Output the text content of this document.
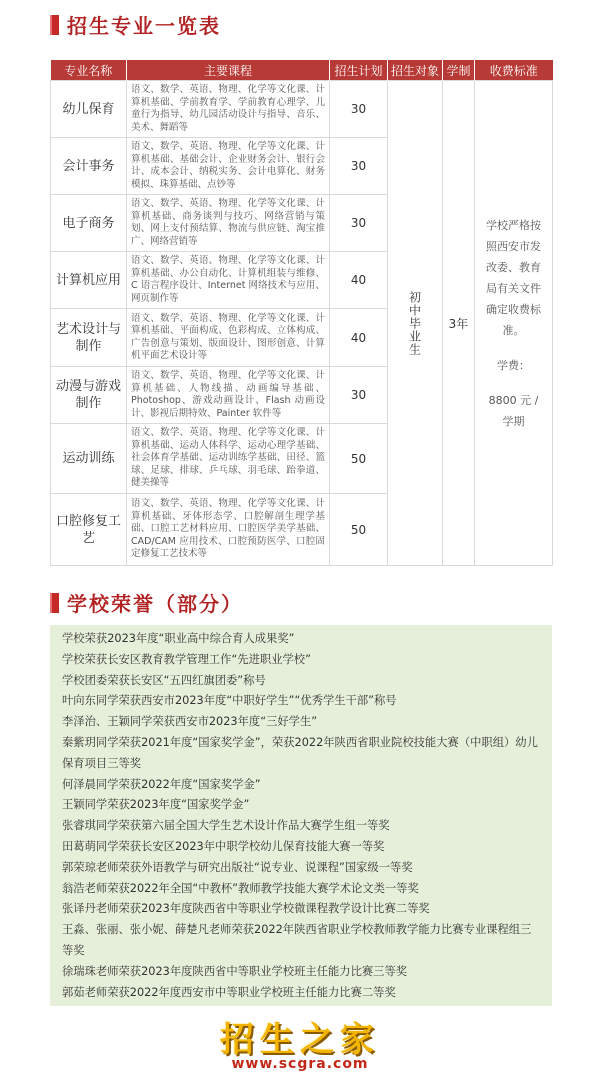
招生专业一览表
专业名称	主要课程	招生计划	招生对象	学制	收费标准
幼儿保育	语文、数学、英语、物理、化学等文化课、计算机基础、学前教育学、学前教育心理学、儿童行为指导、幼儿园活动设计与指导、音乐、美术、舞蹈等	30	初中毕业生	3年	学校严格按照西安市发改委、教育局有关文件确定收费标准。
学费：
8800 元 / 学期

会计事务	语文、数学、英语、物理、化学等文化课、计算机基础、基础会计、企业财务会计、银行会计、成本会计、纳税实务、会计电算化、财务模拟、珠算基础、点钞等	30			
电子商务	语文、数学、英语、物理、化学等文化课、计算机基础、商务谈判与技巧、网络营销与策划、网上支付预结算、物流与供应链、淘宝推广、网络营销等	30			
计算机应用	语文、数学、英语、物理、化学等文化课、计算机基础、办公自动化、计算机组装与维修、C 语言程序设计、Internet 网络技术与应用、网页制作等	40			
艺术设计与制作	语文、数学、英语、物理、化学等文化课、计算机基础、平面构成、色彩构成、立体构成、广告创意与策划、版面设计、图形创意、计算机平面艺术设计等	40			
动漫与游戏制作	语文、数学、英语、物理、化学等文化课、计算机基础、人物线描、动画编导基础、Photoshop、游戏动画设计、Flash 动画设计、影视后期特效、Painter 软件等	30			
运动训练	语文、数学、英语、物理、化学等文化课、计算机基础、运动人体科学、运动心理学基础、社会体育学基础、运动训练学基础、田径、篮球、足球、排球、乒乓球、羽毛球、跆拳道、健美操等	50			
口腔修复工艺	语文、数学、英语、物理、化学等文化课、计算机基础、牙体形态学、口腔解剖生理学基础、口腔工艺材料应用、口腔医学美学基础、CAD/CAM 应用技术、口腔预防医学、口腔固定修复工艺技术等	50			
学校荣誉（部分）
学校荣获2023年度“职业高中综合育人成果奖”
学校荣获长安区教育教学管理工作“先进职业学校”
学校团委荣获长安区“五四红旗团委”称号
叶向东同学荣获西安市2023年度“中职好学生”“优秀学生干部”称号
李泽治、王颖同学荣获西安市2023年度“三好学生”
秦紫玥同学荣获2021年度“国家奖学金”，荣获2022年陕西省职业院校技能大赛（中职组）幼儿保育项目三等奖
何泽晨同学荣获2022年度“国家奖学金”
王颖同学荣获2023年度“国家奖学金”
张睿琪同学荣获第六届全国大学生艺术设计作品大赛学生组一等奖
田葛萌同学荣获长安区2023年中职学校幼儿保育技能大赛一等奖
郭荣琼老师荣获外语教学与研究出版社“说专业、说课程”国家级一等奖
翁浩老师荣获2022年全国“中教杯”教师教学技能大赛学术论文类一等奖
张译丹老师荣获2023年度陕西省中等职业学校微课程教学设计比赛二等奖
王淼、张丽、张小妮、薛楚凡老师荣获2022年陕西省职业学校教师教学能力比赛专业课程组三等奖
徐瑞珠老师荣获2023年度陕西省中等职业学校班主任能力比赛三等奖
郭茹老师荣获2022年度西安市中等职业学校班主任能力比赛二等奖
招生之家
www.scgra.com
